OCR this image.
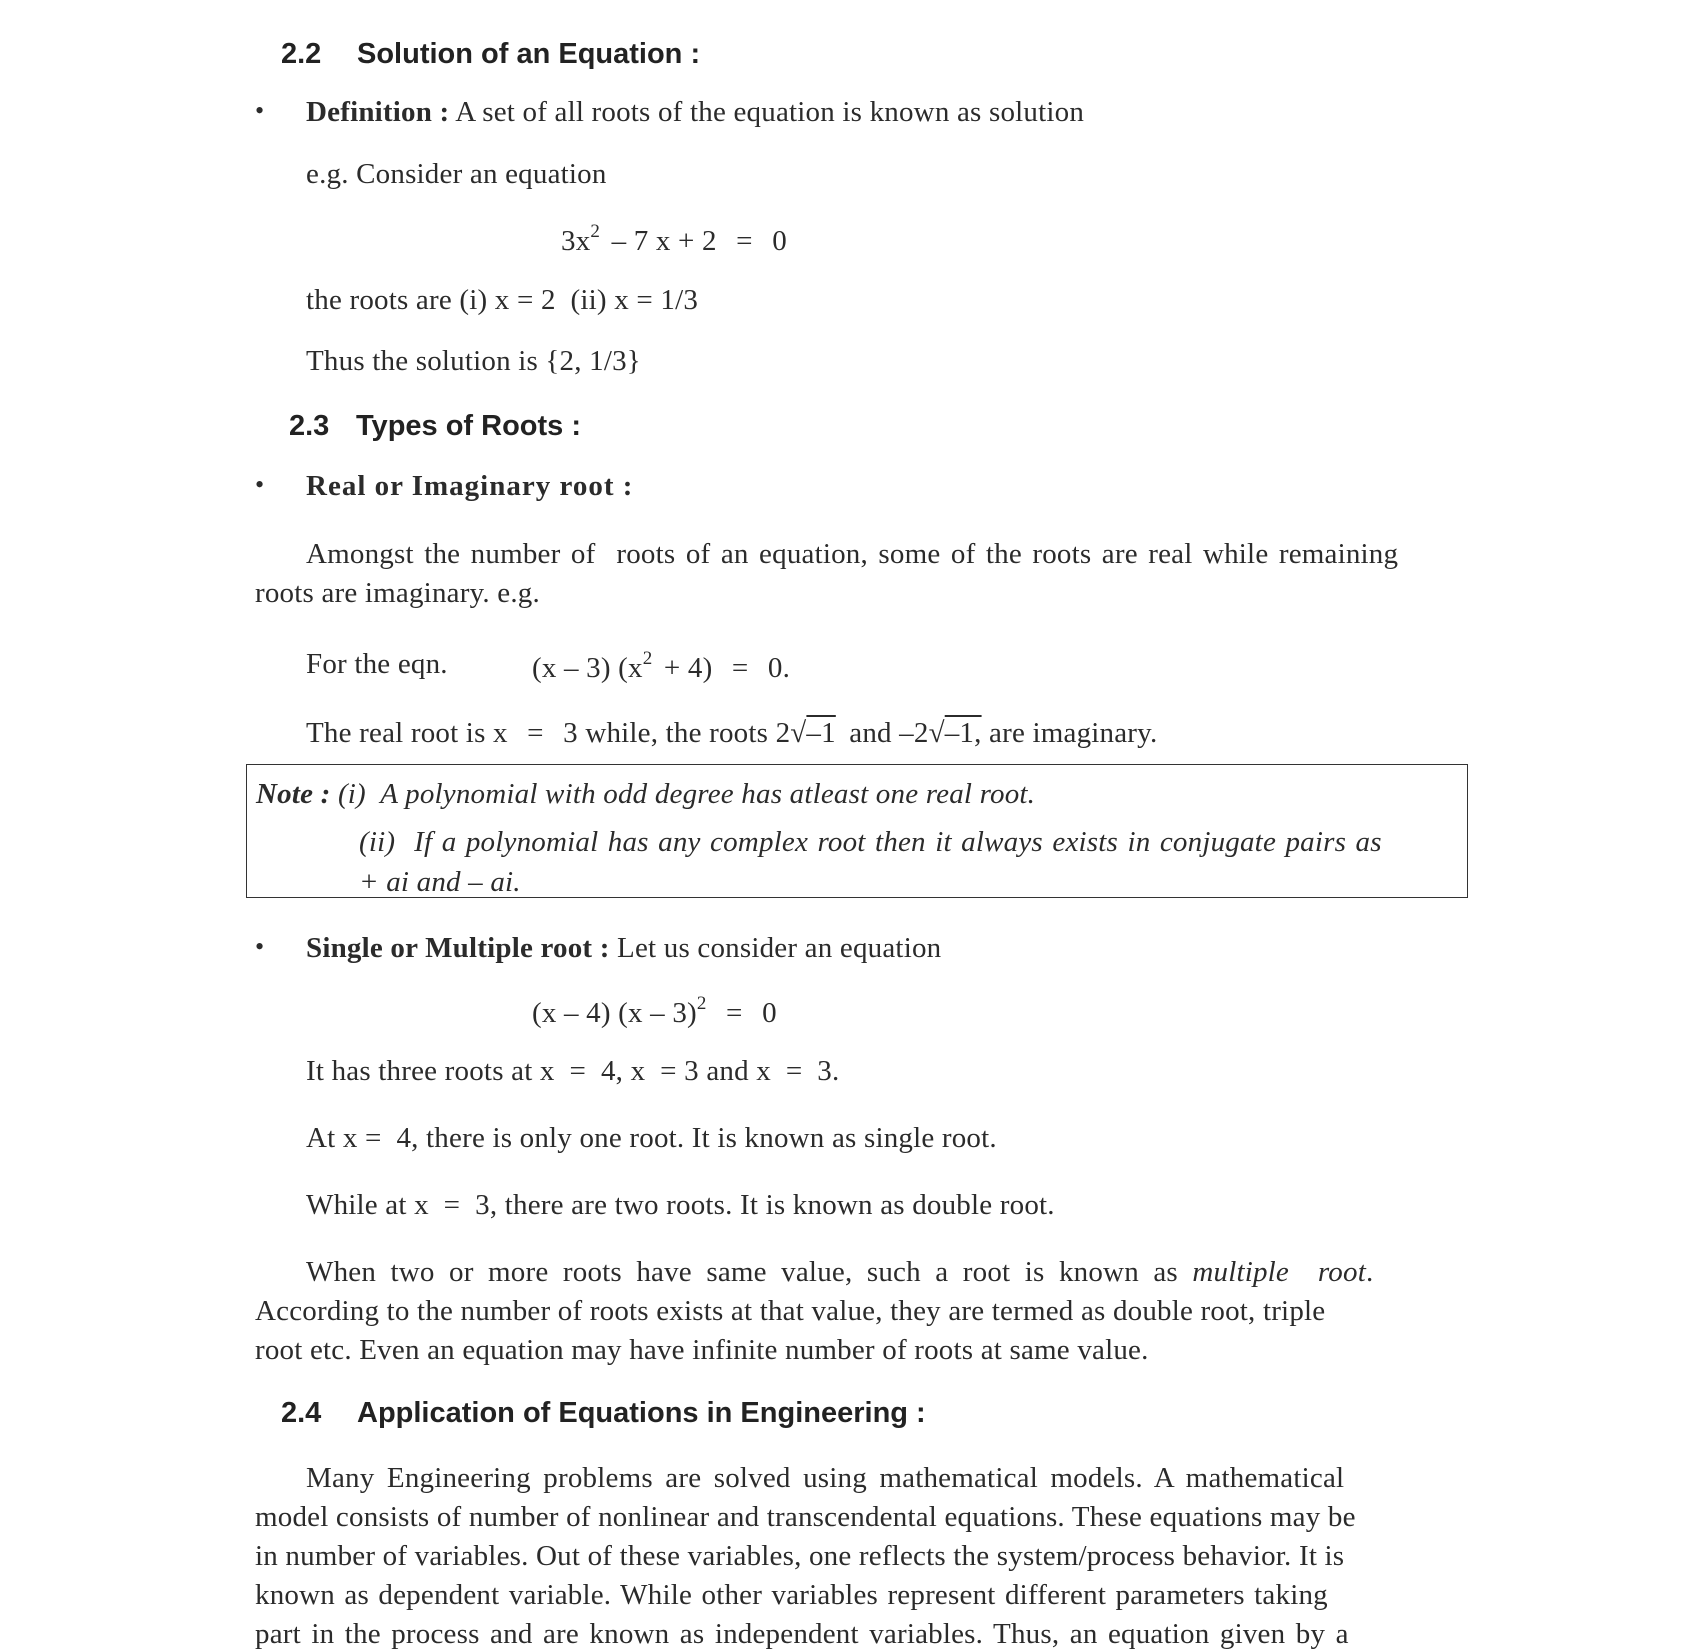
2.2 Solution of an Equation :
• Definition : A set of all roots of the equation is known as solution
e.g. Consider an equation
$3x^2 - 7$ x + 2 = 0
the roots are (i) x = 2  (ii) x = 1/3
Thus the solution is {2, 1/3}
2.3 Types of Roots :
• Real or Imaginary root :
Amongst the number of  roots of an equation, some of the roots are real while remaining
roots are imaginary. e.g.
For the eqn.	(x – 3) $(x^2 + 4) = 0$.
The real root is x = 3 while, the roots 2√–1 and –2√–1, are imaginary.
Note : (i)  A polynomial with odd degree has atleast one real root.
(ii)  If a polynomial has any complex root then it always exists in conjugate pairs as
+ ai and – ai.
• Single or Multiple root : Let us consider an equation
(x – 4) (x – 3)$^2$ = 0
It has three roots at x  =  4, x  = 3 and x  =  3.
At x =  4, there is only one root. It is known as single root.
While at x  =  3, there are two roots. It is known as double root.
When two or more roots have same value, such a root is known as multiple  root.
According to the number of roots exists at that value, they are termed as double root, triple
root etc. Even an equation may have infinite number of roots at same value.
2.4 Application of Equations in Engineering :
Many Engineering problems are solved using mathematical models. A mathematical
model consists of number of nonlinear and transcendental equations. These equations may be
in number of variables. Out of these variables, one reflects the system/process behavior. It is
known as dependent variable. While other variables represent different parameters taking
part in the process and are known as independent variables. Thus, an equation given by a
